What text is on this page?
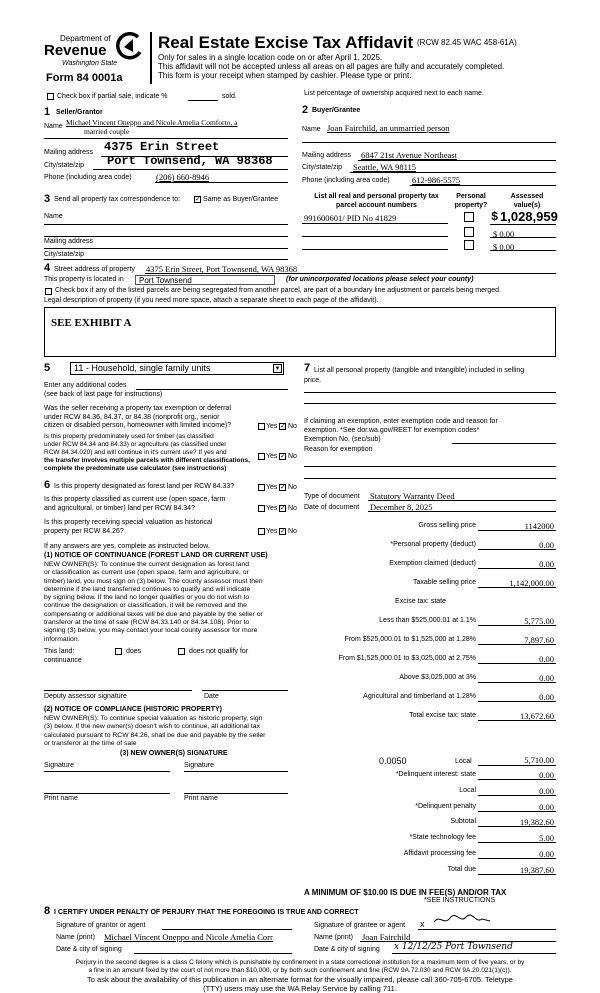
Department of
Revenue
Washington State
Form 84 0001a
Real Estate Excise Tax Affidavit (RCW 82.45 WAC 458-61A)
Only for sales in a single location code on or after April 1, 2025.
This affidavit will not be accepted unless all areas on all pages are fully and accurately completed.
This form is your receipt when stamped by cashier. Please type or print.
Check box if partial sale, indicate %	sold.	List percentage of ownership acquired next to each name.
1 Seller/Grantor
Name Michael Vincent Oneppo and Nicole Amelia Comforto, a
married couple
Mailing address 4375 Erin Street
City/state/zip Port Townsend, WA 98368
Phone (including area code)	(206) 660-8946
2 Buyer/Grantee
Name Joan Fairchild, an unmarried person
Mailing address 6847 21st Avenue Northeast
City/state/zip Seattle, WA 98115
Phone (including area code)	612-986-5575
3 Send all property tax correspondence to: ✓ Same as Buyer/Grantee
Name
Mailing address
City/state/zip
List all real and personal property tax parcel account numbers
Personal property?
Assessed value(s)
991600601/ PID No 41829	$ 1,028,959
$ 0.00
$ 0.00
4 Street address of property 4375 Erin Street, Port Townsend, WA 98368
This property is located in	Port Townsend	(for unincorporated locations please select your county)
Check box if any of the listed parcels are being segregated from another parcel, are part of a boundary line adjustment or parcels being merged.
Legal description of property (if you need more space, attach a separate sheet to each page of the affidavit).
SEE EXHIBIT A
5	11 - Household, single family units	▼
Enter any additional codes
(see back of last page for instructions)
Was the seller receiving a property tax exemption or deferral
under RCW 84.36, 84.37, or 84.38 (nonprofit org., senior
citizen or disabled person, homeowner with limited income)?	Yes ✓ No
Is this property predominately used for timber (as classified
under RCW 84.34 and 84.33) or agriculture (as classified under
RCW 84.34.020) and will continue in it's current use? If yes and
the transfer involves multiple parcels with different classifications,
complete the predominate use calculator (see instructions)
Yes ✓ No
6 Is this property designated as forest land per RCW 84.33?	Yes ✓ No
Is this property classified as current use (open space, farm
and agricultural, or timber) land per RCW 84.34?	Yes ✓ No
Is this property receiving special valuation as historical
property per RCW 84.26?	Yes ✓ No
If any answers are yes, complete as instructed below.
(1) NOTICE OF CONTINUANCE (FOREST LAND OR CURRENT USE)
NEW OWNER(S): To continue the current designation as forest land
or classification as current use (open space, farm and agriculture, or
timber) land, you must sign on (3) below. The county assessor must then
determine if the land transferred continues to qualify and will indicate
by signing below. If the land no longer qualifies or you do not wish to
continue the designation or classification, it will be removed and the
compensating or additional taxes will be due and payable by the seller or
transferor at the time of sale (RCW 84.33.140 or 84.34.108). Prior to
signing (3) below, you may contact your local county assessor for more
information.
This land:	does	does not qualify for
continuance
Deputy assessor signature	Date
(2) NOTICE OF COMPLIANCE (HISTORIC PROPERTY)
NEW OWNER(S): To continue special valuation as historic property, sign
(3) below. If the new owner(s) doesn't wish to continue, all additional tax
calculated pursuant to RCW 84.26, shall be due and payable by the seller
or transferor at the time of sale
(3) NEW OWNER(S) SIGNATURE
Signature	Signature
Print name	Print name
7 List all personal property (tangible and intangible) included in selling
price.
If claiming an exemption, enter exemption code and reason for
exemption. *See dor.wa.gov/REET for exemption codes*
Exemption No. (sec/sub)
Reason for exemption
Type of document Statutory Warranty Deed
Date of document December 8, 2025
Gross selling price	1142000
*Personal property (deduct)	0.00
Exemption claimed (deduct)	0.00
Taxable selling price	1,142,000.00
Excise tax: state
Less than $525,000.01 at 1.1%	5,775.00
From $525,000.01 to $1,525,000 at 1.28%	7,897.60
From $1,525,000.01 to $3,025,000 at 2.75%	0.00
Above $3,025,000 at 3%	0.00
Agricultural and timberland at 1.28%	0.00
Total excise tax: state	13,672.60
0.0050	Local	5,710.00
*Delinquent interest: state	0.00
Local	0.00
*Delinquent penalty	0.00
Subtotal	19,382.60
*State technology fee	5.00
Affidavit processing fee	0.00
Total due	19,387.60
A MINIMUM OF $10.00 IS DUE IN FEE(S) AND/OR TAX
*SEE INSTRUCTIONS
8 I CERTIFY UNDER PENALTY OF PERJURY THAT THE FOREGOING IS TRUE AND CORRECT
Signature of grantor or agent
Name (print) Michael Vincent Oneppo and Nicole Amelia Corr
Date & city of signing
Signature of grantee or agent x
Name (print) Joan Fairchild
Date & city of signing x 12/12/25 Port Townsend
Perjury in the second degree is a class C felony which is punishable by confinement in a state correctional institution for a maximum term of five years, or by
a fine in an amount fixed by the court of not more than $10,000, or by both such confinement and fine (RCW 9A.72.030 and RCW 9A.20.021(1)(c)).
To ask about the availability of this publication in an alternate format for the visually impaired, please call 360-705-6705. Teletype
(TTY) users may use the WA Relay Service by calling 711.
